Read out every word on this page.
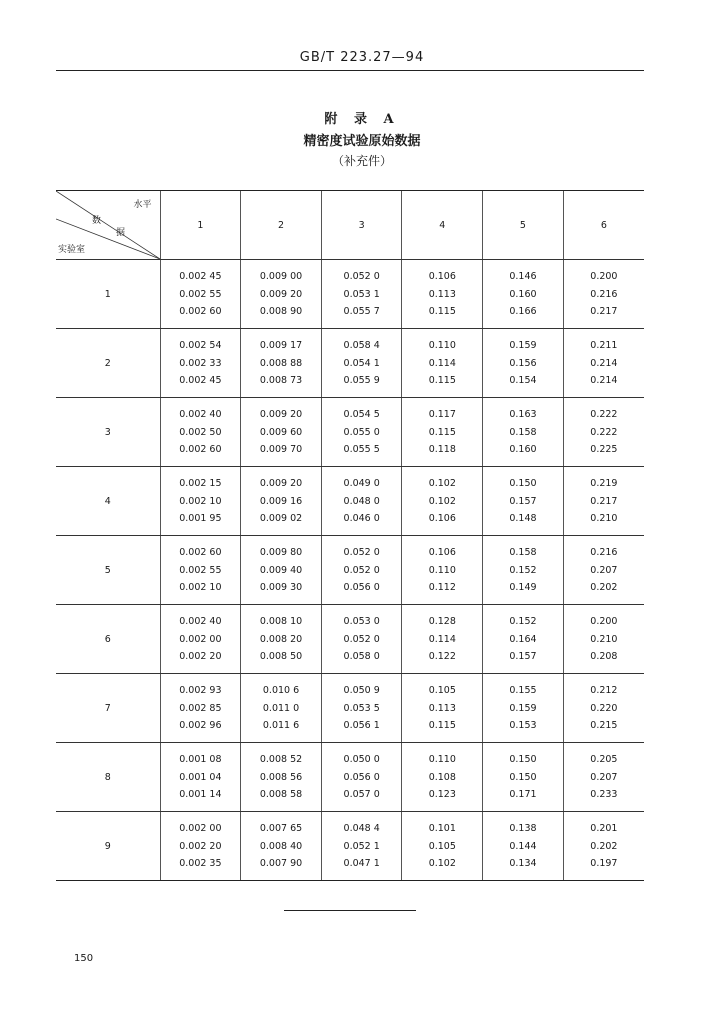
GB/T 223.27—94
附 录 A
精密度试验原始数据
（补充件）
水平
数
据
实验室	1	2	3	4	5	6
1	0.002 45
0.002 55
0.002 60	0.009 00
0.009 20
0.008 90	0.052 0
0.053 1
0.055 7	0.106
0.113
0.115	0.146
0.160
0.166	0.200
0.216
0.217

2	0.002 54
0.002 33
0.002 45	0.009 17
0.008 88
0.008 73	0.058 4
0.054 1
0.055 9	0.110
0.114
0.115	0.159
0.156
0.154	0.211
0.214
0.214

3	0.002 40
0.002 50
0.002 60	0.009 20
0.009 60
0.009 70	0.054 5
0.055 0
0.055 5	0.117
0.115
0.118	0.163
0.158
0.160	0.222
0.222
0.225

4	0.002 15
0.002 10
0.001 95	0.009 20
0.009 16
0.009 02	0.049 0
0.048 0
0.046 0	0.102
0.102
0.106	0.150
0.157
0.148	0.219
0.217
0.210

5	0.002 60
0.002 55
0.002 10	0.009 80
0.009 40
0.009 30	0.052 0
0.052 0
0.056 0	0.106
0.110
0.112	0.158
0.152
0.149	0.216
0.207
0.202

6	0.002 40
0.002 00
0.002 20	0.008 10
0.008 20
0.008 50	0.053 0
0.052 0
0.058 0	0.128
0.114
0.122	0.152
0.164
0.157	0.200
0.210
0.208

7	0.002 93
0.002 85
0.002 96	0.010 6
0.011 0
0.011 6	0.050 9
0.053 5
0.056 1	0.105
0.113
0.115	0.155
0.159
0.153	0.212
0.220
0.215

8	0.001 08
0.001 04
0.001 14	0.008 52
0.008 56
0.008 58	0.050 0
0.056 0
0.057 0	0.110
0.108
0.123	0.150
0.150
0.171	0.205
0.207
0.233

9	0.002 00
0.002 20
0.002 35	0.007 65
0.008 40
0.007 90	0.048 4
0.052 1
0.047 1	0.101
0.105
0.102	0.138
0.144
0.134	0.201
0.202
0.197
150
